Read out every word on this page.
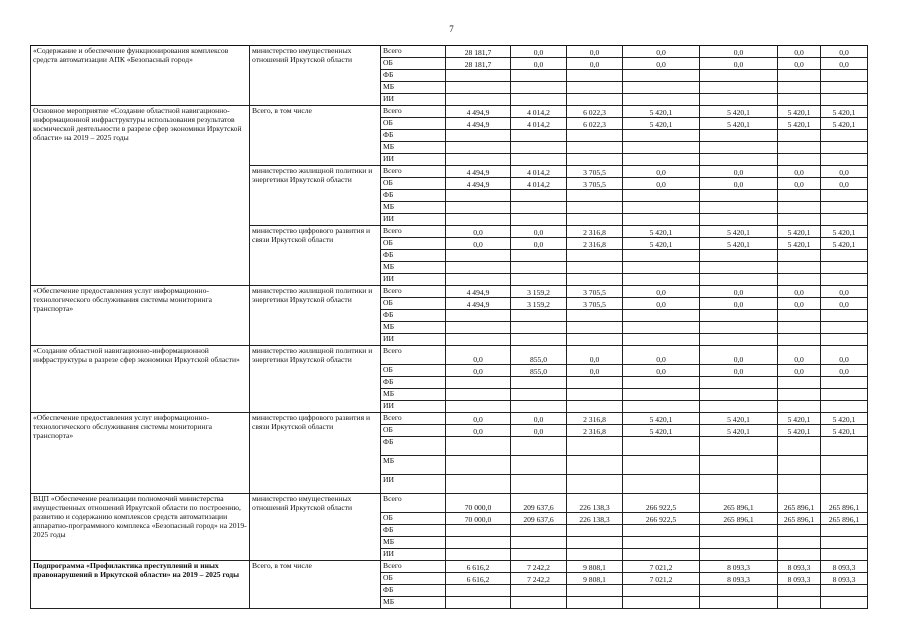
7
«Содержание и обеспечение функционирования комплексов средств автоматизации АПК «Безопасный город»	министерство имущественных отношений Иркутской области	Всего	28 181,7	0,0	0,0	0,0	0,0	0,0	0,0
		ОБ	28 181,7	0,0	0,0	0,0	0,0	0,0	0,0
		ФБ							
		МБ							
		ИИ							
Основное мероприятие «Создание областной навигационно-информационной инфраструктуры использования результатов космической деятельности в разрезе сфер экономики Иркутской области» на 2019 – 2025 годы	Всего, в том числе	Всего	4 494,9	4 014,2	6 022,3	5 420,1	5 420,1	5 420,1	5 420,1
		ОБ	4 494,9	4 014,2	6 022,3	5 420,1	5 420,1	5 420,1	5 420,1
		ФБ							
		МБ							
		ИИ							
	министерство жилищной политики и энергетики Иркутской области	Всего	4 494,9	4 014,2	3 705,5	0,0	0,0	0,0	0,0
		ОБ	4 494,9	4 014,2	3 705,5	0,0	0,0	0,0	0,0
		ФБ							
		МБ							
		ИИ							
	министерство цифрового развития и связи Иркутской области	Всего	0,0	0,0	2 316,8	5 420,1	5 420,1	5 420,1	5 420,1
		ОБ	0,0	0,0	2 316,8	5 420,1	5 420,1	5 420,1	5 420,1
		ФБ							
		МБ							
		ИИ							
«Обеспечение предоставления услуг информационно-технологического обслуживания системы мониторинга транспорта»	министерство жилищной политики и энергетики Иркутской области	Всего	4 494,9	3 159,2	3 705,5	0,0	0,0	0,0	0,0
		ОБ	4 494,9	3 159,2	3 705,5	0,0	0,0	0,0	0,0
		ФБ							
		МБ							
		ИИ							
«Создание областной навигационно-информационной инфраструктуры в разрезе сфер экономики Иркутской области»	министерство жилищной политики и энергетики Иркутской области	Всего	0,0	855,0	0,0	0,0	0,0	0,0	0,0
		ОБ	0,0	855,0	0,0	0,0	0,0	0,0	0,0
		ФБ							
		МБ							
		ИИ							
«Обеспечение предоставления услуг информационно-технологического обслуживания системы мониторинга транспорта»	министерство цифрового развития и связи Иркутской области	Всего	0,0	0,0	2 316,8	5 420,1	5 420,1	5 420,1	5 420,1
		ОБ	0,0	0,0	2 316,8	5 420,1	5 420,1	5 420,1	5 420,1
		ФБ							
		МБ							
		ИИ							
ВЦП «Обеспечение реализации полномочий министерства имущественных отношений Иркутской области по построению, развитию и содержанию комплексов средств автоматизации аппаратно-программного комплекса «Безопасный город» на 2019-2025 годы	министерство имущественных отношений Иркутской области	Всего	70 000,0	209 637,6	226 138,3	266 922,5	265 896,1	265 896,1	265 896,1
		ОБ	70 000,0	209 637,6	226 138,3	266 922,5	265 896,1	265 896,1	265 896,1
		ФБ							
		МБ							
		ИИ							
Подпрограмма «Профилактика преступлений и иных правонарушений в Иркутской области» на 2019 – 2025 годы	Всего, в том числе	Всего	6 616,2	7 242,2	9 808,1	7 021,2	8 093,3	8 093,3	8 093,3
		ОБ	6 616,2	7 242,2	9 808,1	7 021,2	8 093,3	8 093,3	8 093,3
		ФБ							
		МБ							
